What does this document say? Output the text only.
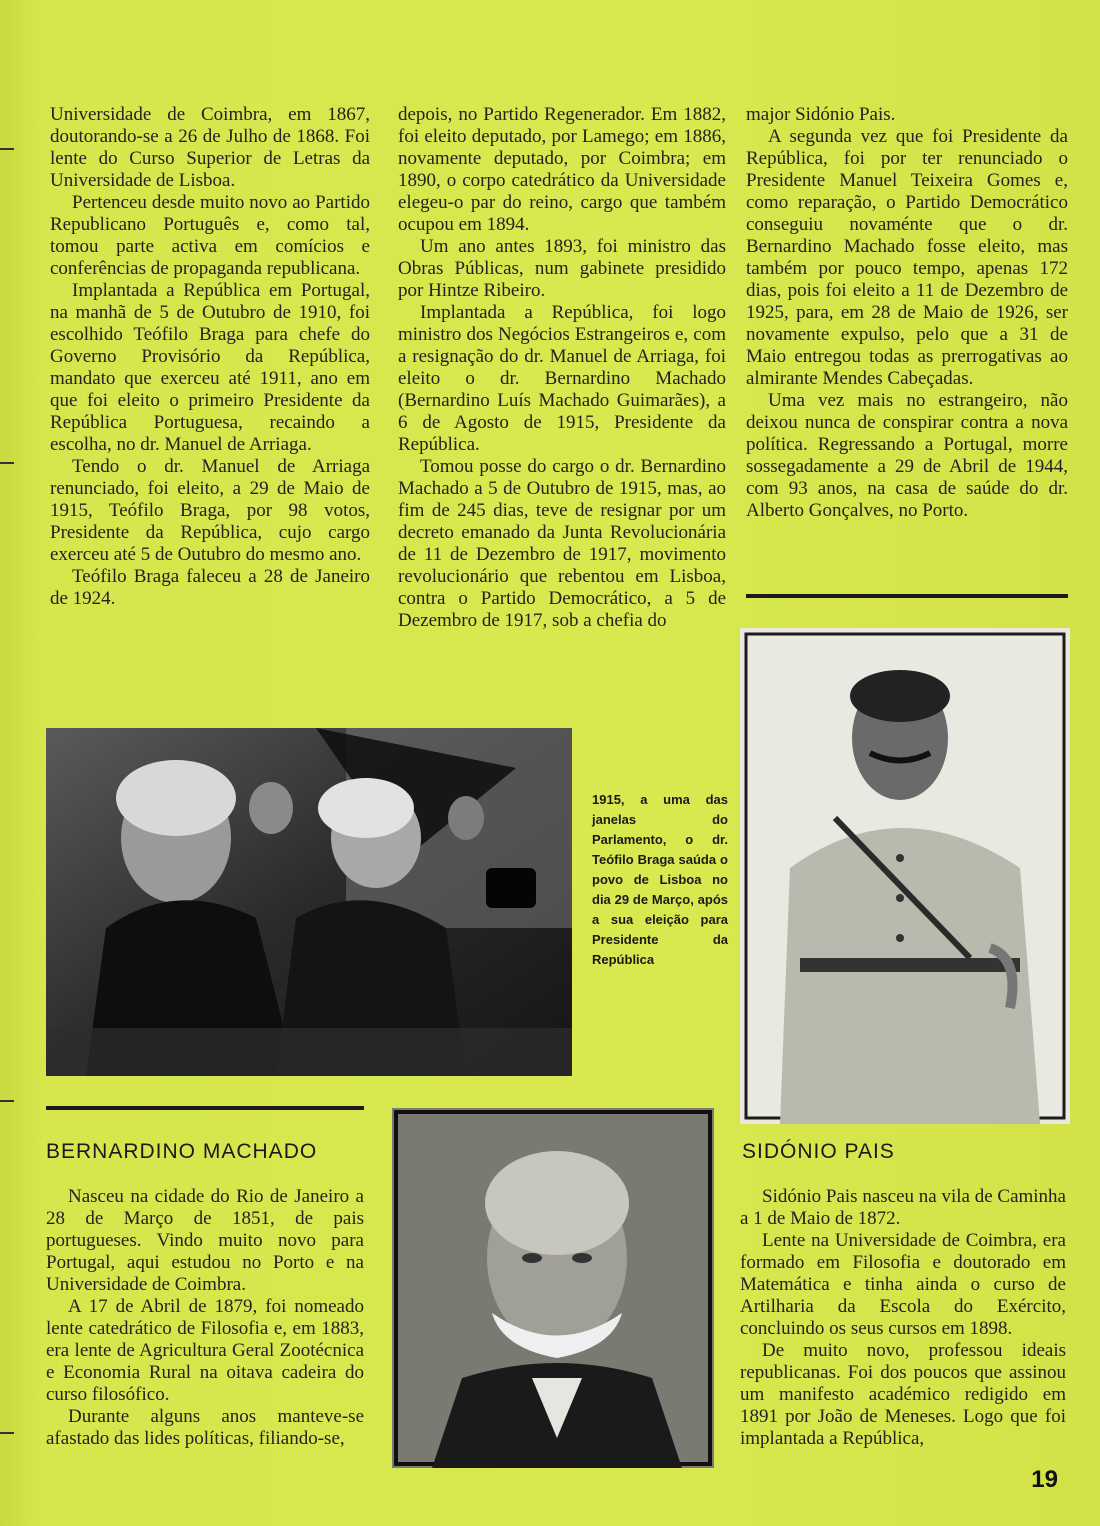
Universidade de Coimbra, em 1867, doutorando-se a 26 de Julho de 1868. Foi lente do Curso Superior de Letras da Universidade de Lisboa.

Pertenceu desde muito novo ao Partido Republicano Português e, como tal, tomou parte activa em comícios e conferências de propaganda republicana.

Implantada a República em Portugal, na manhã de 5 de Outubro de 1910, foi escolhido Teófilo Braga para chefe do Governo Provisório da República, mandato que exerceu até 1911, ano em que foi eleito o primeiro Presidente da República Portuguesa, recaindo a escolha, no dr. Manuel de Arriaga.

Tendo o dr. Manuel de Arriaga renunciado, foi eleito, a 29 de Maio de 1915, Teófilo Braga, por 98 votos, Presidente da República, cujo cargo exerceu até 5 de Outubro do mesmo ano.

Teófilo Braga faleceu a 28 de Janeiro de 1924.

depois, no Partido Regenerador. Em 1882, foi eleito deputado, por Lamego; em 1886, novamente deputado, por Coimbra; em 1890, o corpo catedrático da Universidade elegeu-o par do reino, cargo que também ocupou em 1894.

Um ano antes 1893, foi ministro das Obras Públicas, num gabinete presidido por Hintze Ribeiro.

Implantada a República, foi logo ministro dos Negócios Estrangeiros e, com a resignação do dr. Manuel de Arriaga, foi eleito o dr. Bernardino Machado (Bernardino Luís Machado Guimarães), a 6 de Agosto de 1915, Presidente da República.

Tomou posse do cargo o dr. Bernardino Machado a 5 de Outubro de 1915, mas, ao fim de 245 dias, teve de resignar por um decreto emanado da Junta Revolucionária de 11 de Dezembro de 1917, movimento revolucionário que rebentou em Lisboa, contra o Partido Democrático, a 5 de Dezembro de 1917, sob a chefia do

major Sidónio Pais.

A segunda vez que foi Presidente da República, foi por ter renunciado o Presidente Manuel Teixeira Gomes e, como reparação, o Partido Democrático conseguiu novaménte que o dr. Bernardino Machado fosse eleito, mas também por pouco tempo, apenas 172 dias, pois foi eleito a 11 de Dezembro de 1925, para, em 28 de Maio de 1926, ser novamente expulso, pelo que a 31 de Maio entregou todas as prerrogativas ao almirante Mendes Cabeçadas.

Uma vez mais no estrangeiro, não deixou nunca de conspirar contra a nova política. Regressando a Portugal, morre sossegadamente a 29 de Abril de 1944, com 93 anos, na casa de saúde do dr. Alberto Gonçalves, no Porto.

1915, a uma das janelas do Parlamento, o dr. Teófilo Braga saúda o povo de Lisboa no dia 29 de Março, após a sua eleição para Presidente da República
BERNARDINO MACHADO

Nasceu na cidade do Rio de Janeiro a 28 de Março de 1851, de pais portugueses. Vindo muito novo para Portugal, aqui estudou no Porto e na Universidade de Coimbra.

A 17 de Abril de 1879, foi nomeado lente catedrático de Filosofia e, em 1883, era lente de Agricultura Geral Zootécnica e Economia Rural na oitava cadeira do curso filosófico.

Durante alguns anos manteve-se afastado das lides políticas, filiando-se,

SIDÓNIO PAIS

Sidónio Pais nasceu na vila de Caminha a 1 de Maio de 1872.

Lente na Universidade de Coimbra, era formado em Filosofia e doutorado em Matemática e tinha ainda o curso de Artilharia da Escola do Exército, concluindo os seus cursos em 1898.

De muito novo, professou ideais republicanas. Foi dos poucos que assinou um manifesto académico redigido em 1891 por João de Meneses. Logo que foi implantada a República,

19
